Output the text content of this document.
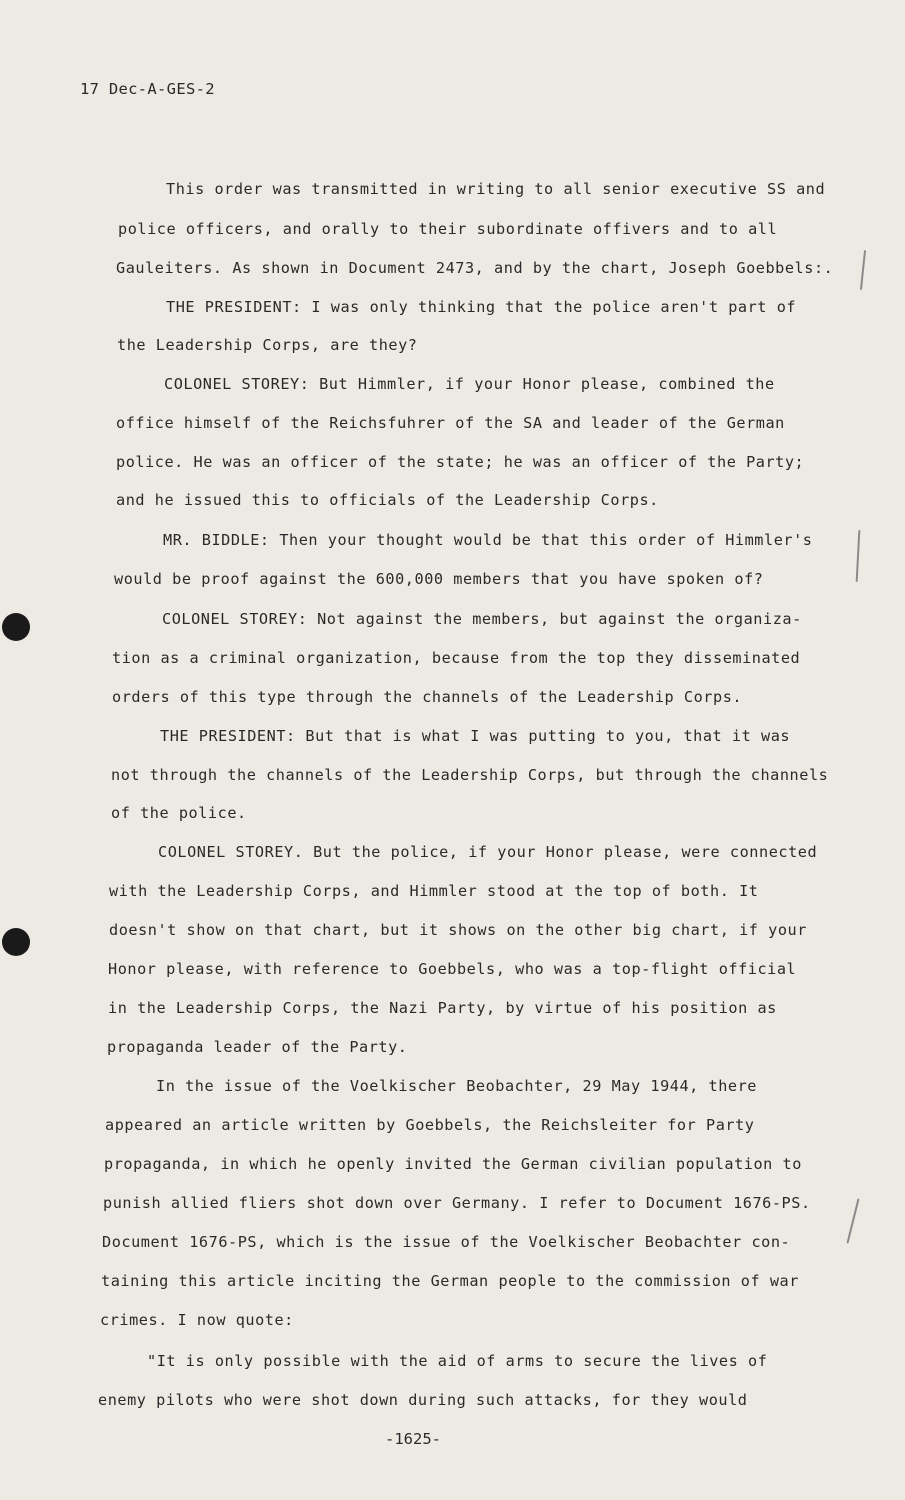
17 Dec-A-GES-2
This order was transmitted in writing to all senior executive SS and
police officers, and orally to their subordinate offivers and to all
Gauleiters. As shown in Document 2473, and by the chart, Joseph Goebbels:.
THE PRESIDENT: I was only thinking that the police aren't part of
the Leadership Corps, are they?
COLONEL STOREY: But Himmler, if your Honor please, combined the
office himself of the Reichsfuhrer of the SA and leader of the German
police. He was an officer of the state; he was an officer of the Party;
and he issued this to officials of the Leadership Corps.
MR. BIDDLE: Then your thought would be that this order of Himmler's
would be proof against the 600,000 members that you have spoken of?
COLONEL STOREY: Not against the members, but against the organiza-
tion as a criminal organization, because from the top they disseminated
orders of this type through the channels of the Leadership Corps.
THE PRESIDENT: But that is what I was putting to you, that it was
not through the channels of the Leadership Corps, but through the channels
of the police.
COLONEL STOREY. But the police, if your Honor please, were connected
with the Leadership Corps, and Himmler stood at the top of both. It
doesn't show on that chart, but it shows on the other big chart, if your
Honor please, with reference to Goebbels, who was a top-flight official
in the Leadership Corps, the Nazi Party, by virtue of his position as
propaganda leader of the Party.
In the issue of the Voelkischer Beobachter, 29 May 1944, there
appeared an article written by Goebbels, the Reichsleiter for Party
propaganda, in which he openly invited the German civilian population to
punish allied fliers shot down over Germany. I refer to Document 1676-PS.
Document 1676-PS, which is the issue of the Voelkischer Beobachter con-
taining this article inciting the German people to the commission of war
crimes. I now quote:
"It is only possible with the aid of arms to secure the lives of
enemy pilots who were shot down during such attacks, for they would
-1625-
